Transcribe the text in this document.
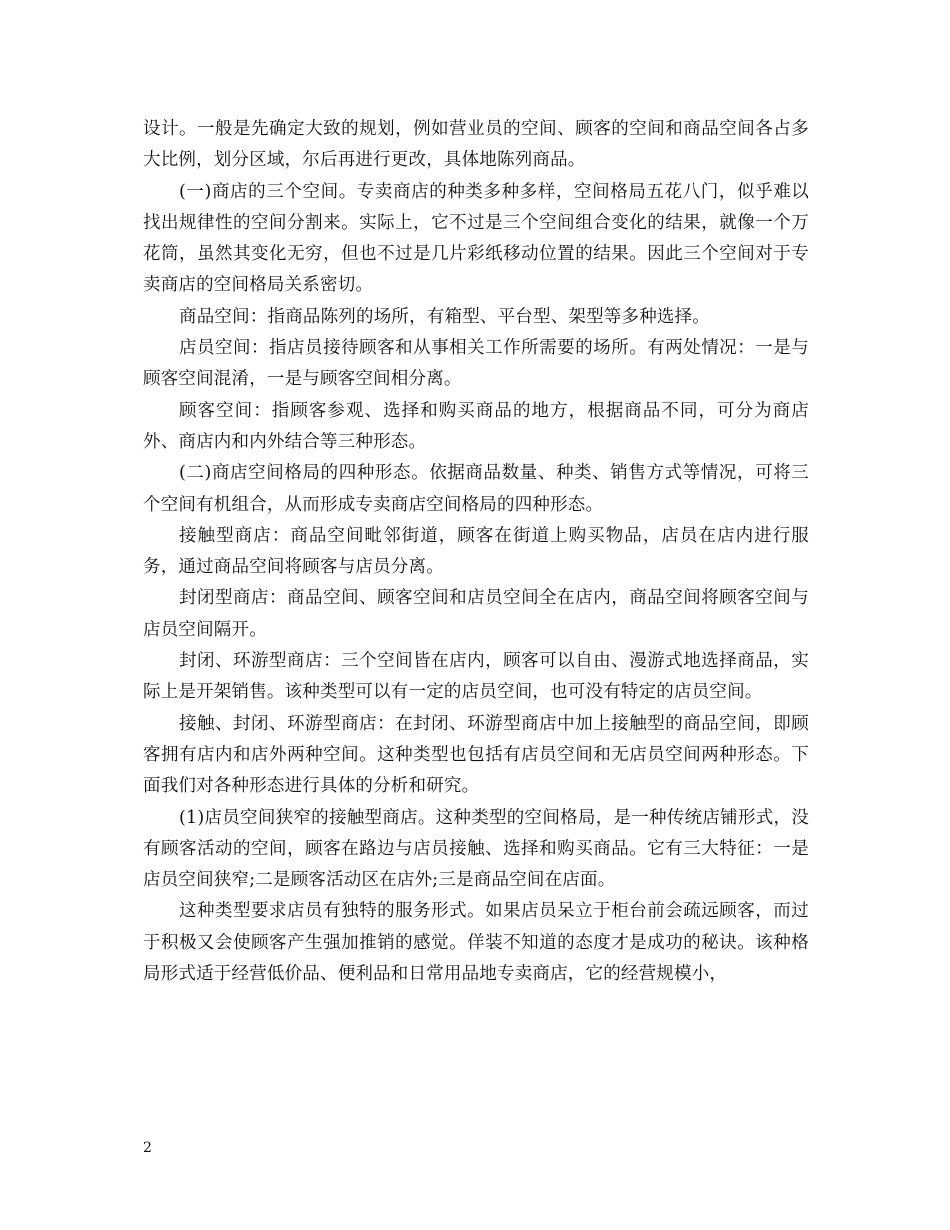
设计。一般是先确定大致的规划，例如营业员的空间、顾客的空间和商品空间各占多大比例，划分区域，尔后再进行更改，具体地陈列商品。

(一)商店的三个空间。专卖商店的种类多种多样，空间格局五花八门，似乎难以找出规律性的空间分割来。实际上，它不过是三个空间组合变化的结果，就像一个万花筒，虽然其变化无穷，但也不过是几片彩纸移动位置的结果。因此三个空间对于专卖商店的空间格局关系密切。

商品空间：指商品陈列的场所，有箱型、平台型、架型等多种选择。

店员空间：指店员接待顾客和从事相关工作所需要的场所。有两处情况：一是与顾客空间混淆，一是与顾客空间相分离。

顾客空间：指顾客参观、选择和购买商品的地方，根据商品不同，可分为商店外、商店内和内外结合等三种形态。

(二)商店空间格局的四种形态。依据商品数量、种类、销售方式等情况，可将三个空间有机组合，从而形成专卖商店空间格局的四种形态。

接触型商店：商品空间毗邻街道，顾客在街道上购买物品，店员在店内进行服务，通过商品空间将顾客与店员分离。

封闭型商店：商品空间、顾客空间和店员空间全在店内，商品空间将顾客空间与店员空间隔开。

封闭、环游型商店：三个空间皆在店内，顾客可以自由、漫游式地选择商品，实际上是开架销售。该种类型可以有一定的店员空间，也可没有特定的店员空间。

接触、封闭、环游型商店：在封闭、环游型商店中加上接触型的商品空间，即顾客拥有店内和店外两种空间。这种类型也包括有店员空间和无店员空间两种形态。下面我们对各种形态进行具体的分析和研究。

(1)店员空间狭窄的接触型商店。这种类型的空间格局，是一种传统店铺形式，没有顾客活动的空间，顾客在路边与店员接触、选择和购买商品。它有三大特征：一是店员空间狭窄;二是顾客活动区在店外;三是商品空间在店面。

这种类型要求店员有独特的服务形式。如果店员呆立于柜台前会疏远顾客，而过于积极又会使顾客产生强加推销的感觉。佯装不知道的态度才是成功的秘诀。该种格局形式适于经营低价品、便利品和日常用品地专卖商店，它的经营规模小，

2
